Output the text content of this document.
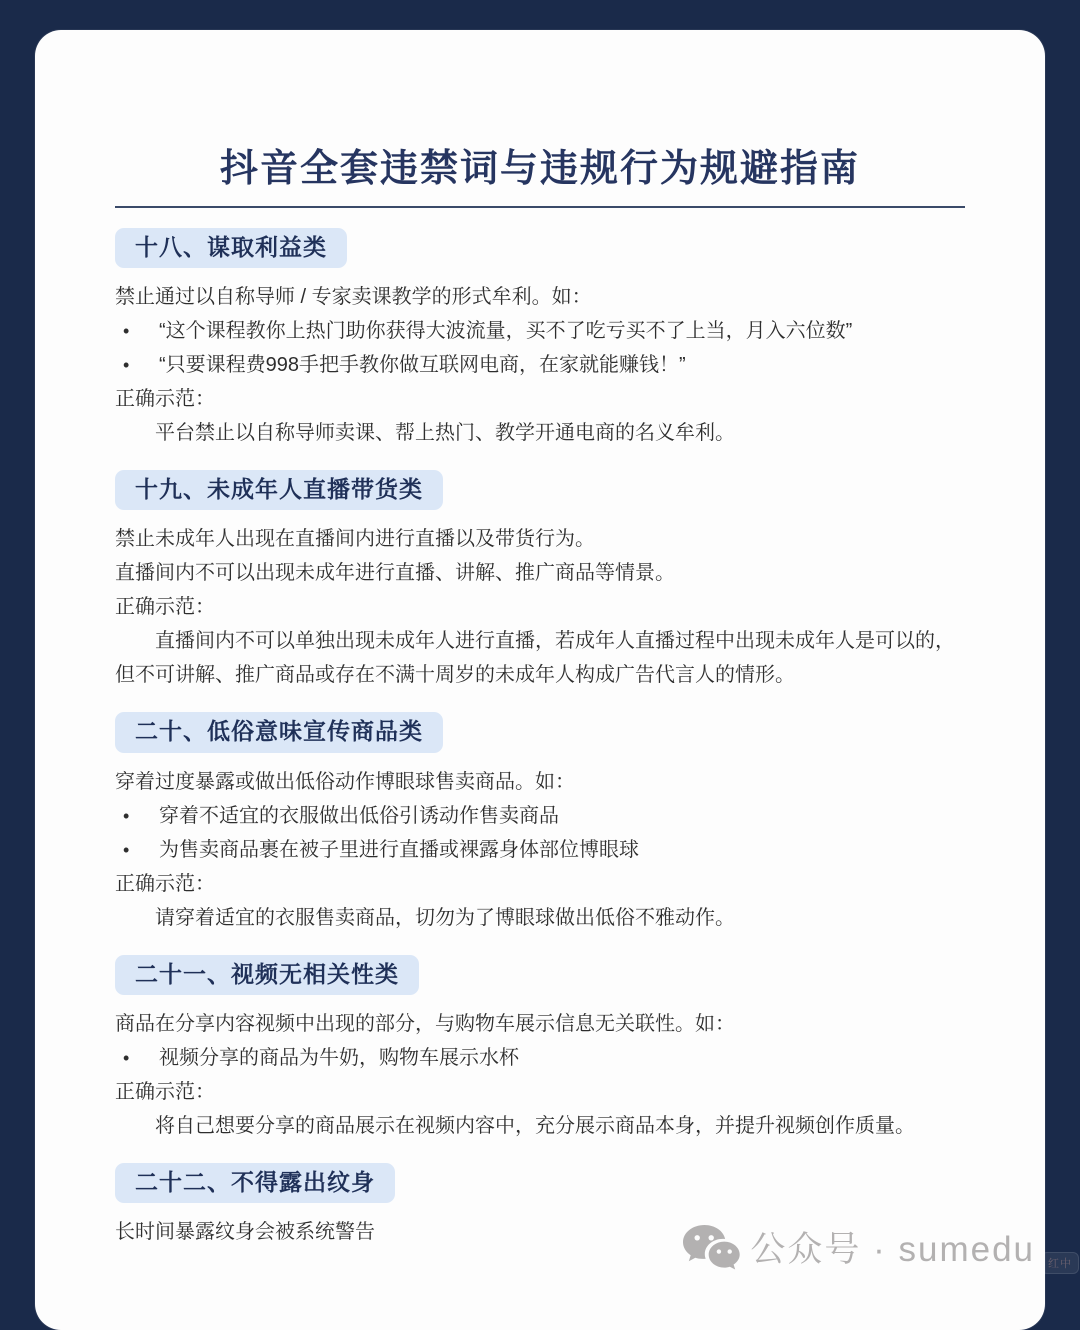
抖音全套违禁词与违规行为规避指南
十八、谋取利益类

禁止通过以自称导师 / 专家卖课教学的形式牟利。如：

• “这个课程教你上热门助你获得大波流量，买不了吃亏买不了上当，月入六位数”

• “只要课程费998手把手教你做互联网电商，在家就能赚钱！”

正确示范：

平台禁止以自称导师卖课、帮上热门、教学开通电商的名义牟利。

十九、未成年人直播带货类

禁止未成年人出现在直播间内进行直播以及带货行为。

直播间内不可以出现未成年进行直播、讲解、推广商品等情景。

正确示范：

直播间内不可以单独出现未成年人进行直播，若成年人直播过程中出现未成年人是可以的，但不可讲解、推广商品或存在不满十周岁的未成年人构成广告代言人的情形。

二十、低俗意味宣传商品类

穿着过度暴露或做出低俗动作博眼球售卖商品。如：

• 穿着不适宜的衣服做出低俗引诱动作售卖商品

• 为售卖商品裹在被子里进行直播或裸露身体部位博眼球

正确示范：

请穿着适宜的衣服售卖商品，切勿为了博眼球做出低俗不雅动作。

二十一、视频无相关性类

商品在分享内容视频中出现的部分，与购物车展示信息无关联性。如：

• 视频分享的商品为牛奶，购物车展示水杯

正确示范：

将自己想要分享的商品展示在视频内容中，充分展示商品本身，并提升视频创作质量。

二十二、不得露出纹身

长时间暴露纹身会被系统警告	公众号 · sumedu	红中
